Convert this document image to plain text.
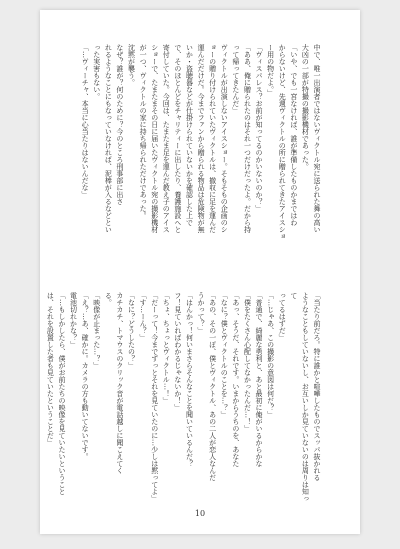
中で、唯一出演者ではないヴィクトル宛に送られた舞の高い
大凶の一部が特撮の撮影機材であった。
「いや、でも一宮なければ、誰が準備したものかまではわ
からないけど、先週ヴィクトルの所に贈られてきたアイスショ
ー用の物だよ。」
「ヴィスパレス？お前が知ってるのかいないのか？」
「ああ、俺に贈られたのはそれ一つだけだったよ。だから持
って帰ってきたんだ」
ヴィクトルが出演しないアイスショー。そもそもの企画のシ
ョーの贈り付けられていたヴィクトルは、撤収に足を運んだ
運んだだけだ。今までファンから贈られる物品は危険物が無
いか・盗聴器などが仕掛けられていないかを確認した上で
で、そのほとんどをチャリティーに出したり、養護施設へと
寄付していた。今回は、たまたま足を運んだ教え子のアイス
ショーで、たまたまその日に届いたヴィクトル宛の撮影機材
が一つ、ヴィクトルの家に持ち帰られただけであった。
沈黙が襲う。
なぜ？誰が？何のために？今のところ刑事部に出さ
れるようなことにもなっていなければ、泥棒が入るなどとい
った実害もない。
「…ヴィーチャ、本当に心当たりはないんだな」
「当たり前だろ。特に誰かと喧嘩したものでスッパ抜かれる
ようなこともしていないし、お互いしか見ていないのは周りは知って
ってるはずだ」
「…じゃあ、この撮影の意図は何だ？」
「普通で、綺麗な勇利と、あと最初に俺がいるからかな
「僕をたくさん心配してなかったんだ…！」
「あっ、そうだ、それです。いまからうちのを、あなた
「なに？僕とヴィクトルのことを…？」
「あの、その一ぽ、僕とヴィクトル、あの二人が恋人なんだ
うかって？」
「はんかっ！何いまさらそんなことを聞いているんだ？
フ！見ていればわかるじゃないか！」
「ちょ、ちょっとヴィクトル…！」
「だーって！今までずっとそれを見ていたのに…少しは黙ってよ」
「す…ーん？」
「なに？どうしたの？」
カチカチ、トマウスのクリック音が電話越しに聞こえてく
る。
「映像が止まった…？」
「え？…あ、確かに。カメラの方も動いてないです。
電池切れかな？」
「…もしかしたら、僕がお前たちの映像を見ていたいということ
は、それを設置した者も見ていたということだ」
10
